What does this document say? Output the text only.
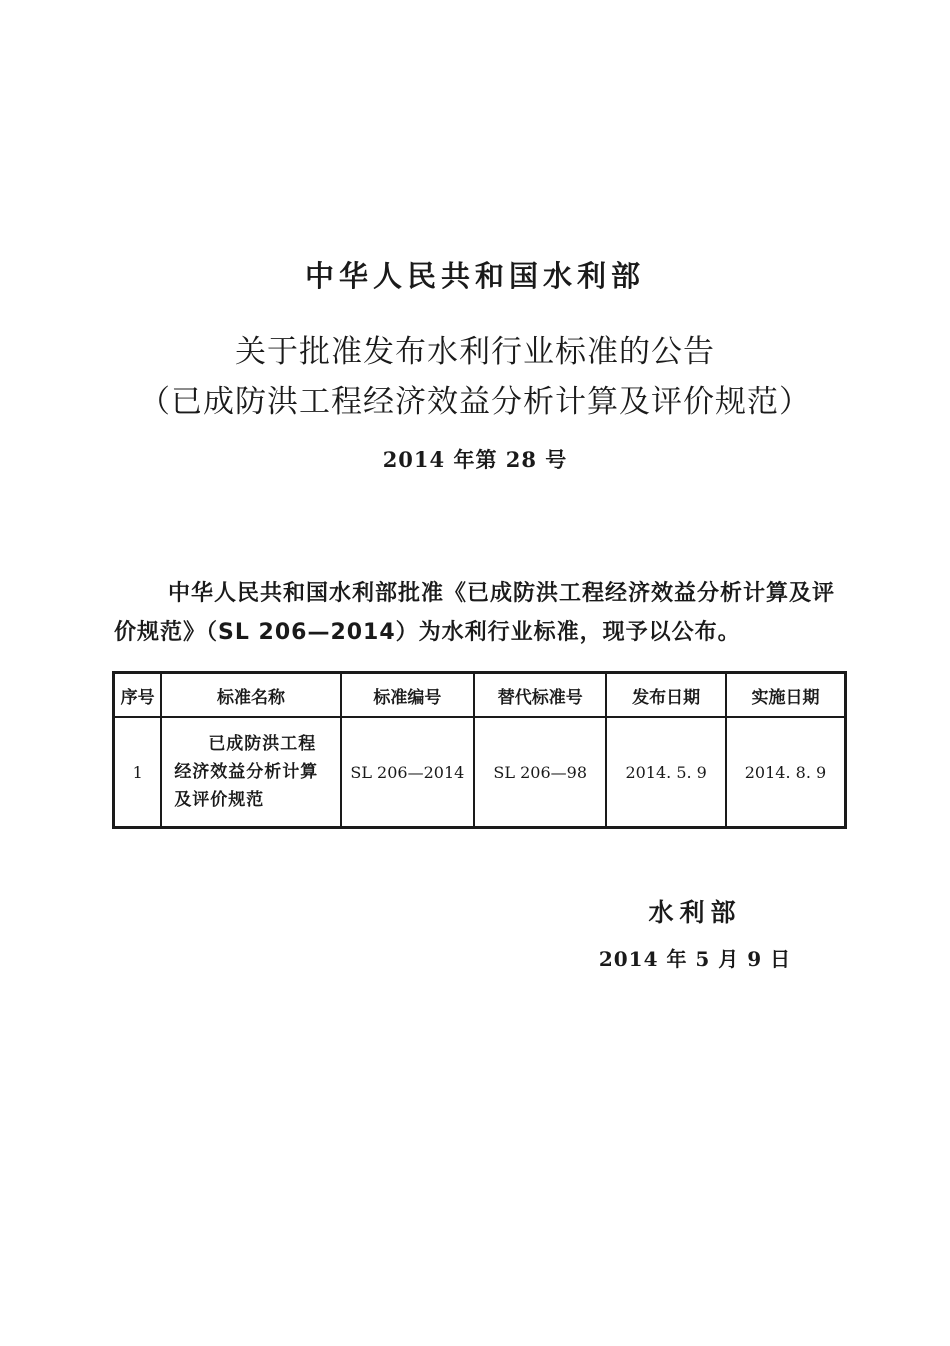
中华人民共和国水利部
关于批准发布水利行业标准的公告
（已成防洪工程经济效益分析计算及评价规范）
2014 年第 28 号

中华人民共和国水利部批准《已成防洪工程经济效益分析计算及评价规范》（SL 206—2014）为水利行业标准，现予以公布。

序号	标准名称	标准编号	替代标准号	发布日期	实施日期
1	已成防洪工程经济效益分析计算及评价规范	SL 206—2014	SL 206—98	2014. 5. 9	2014. 8. 9
水利部
2014 年 5 月 9 日
